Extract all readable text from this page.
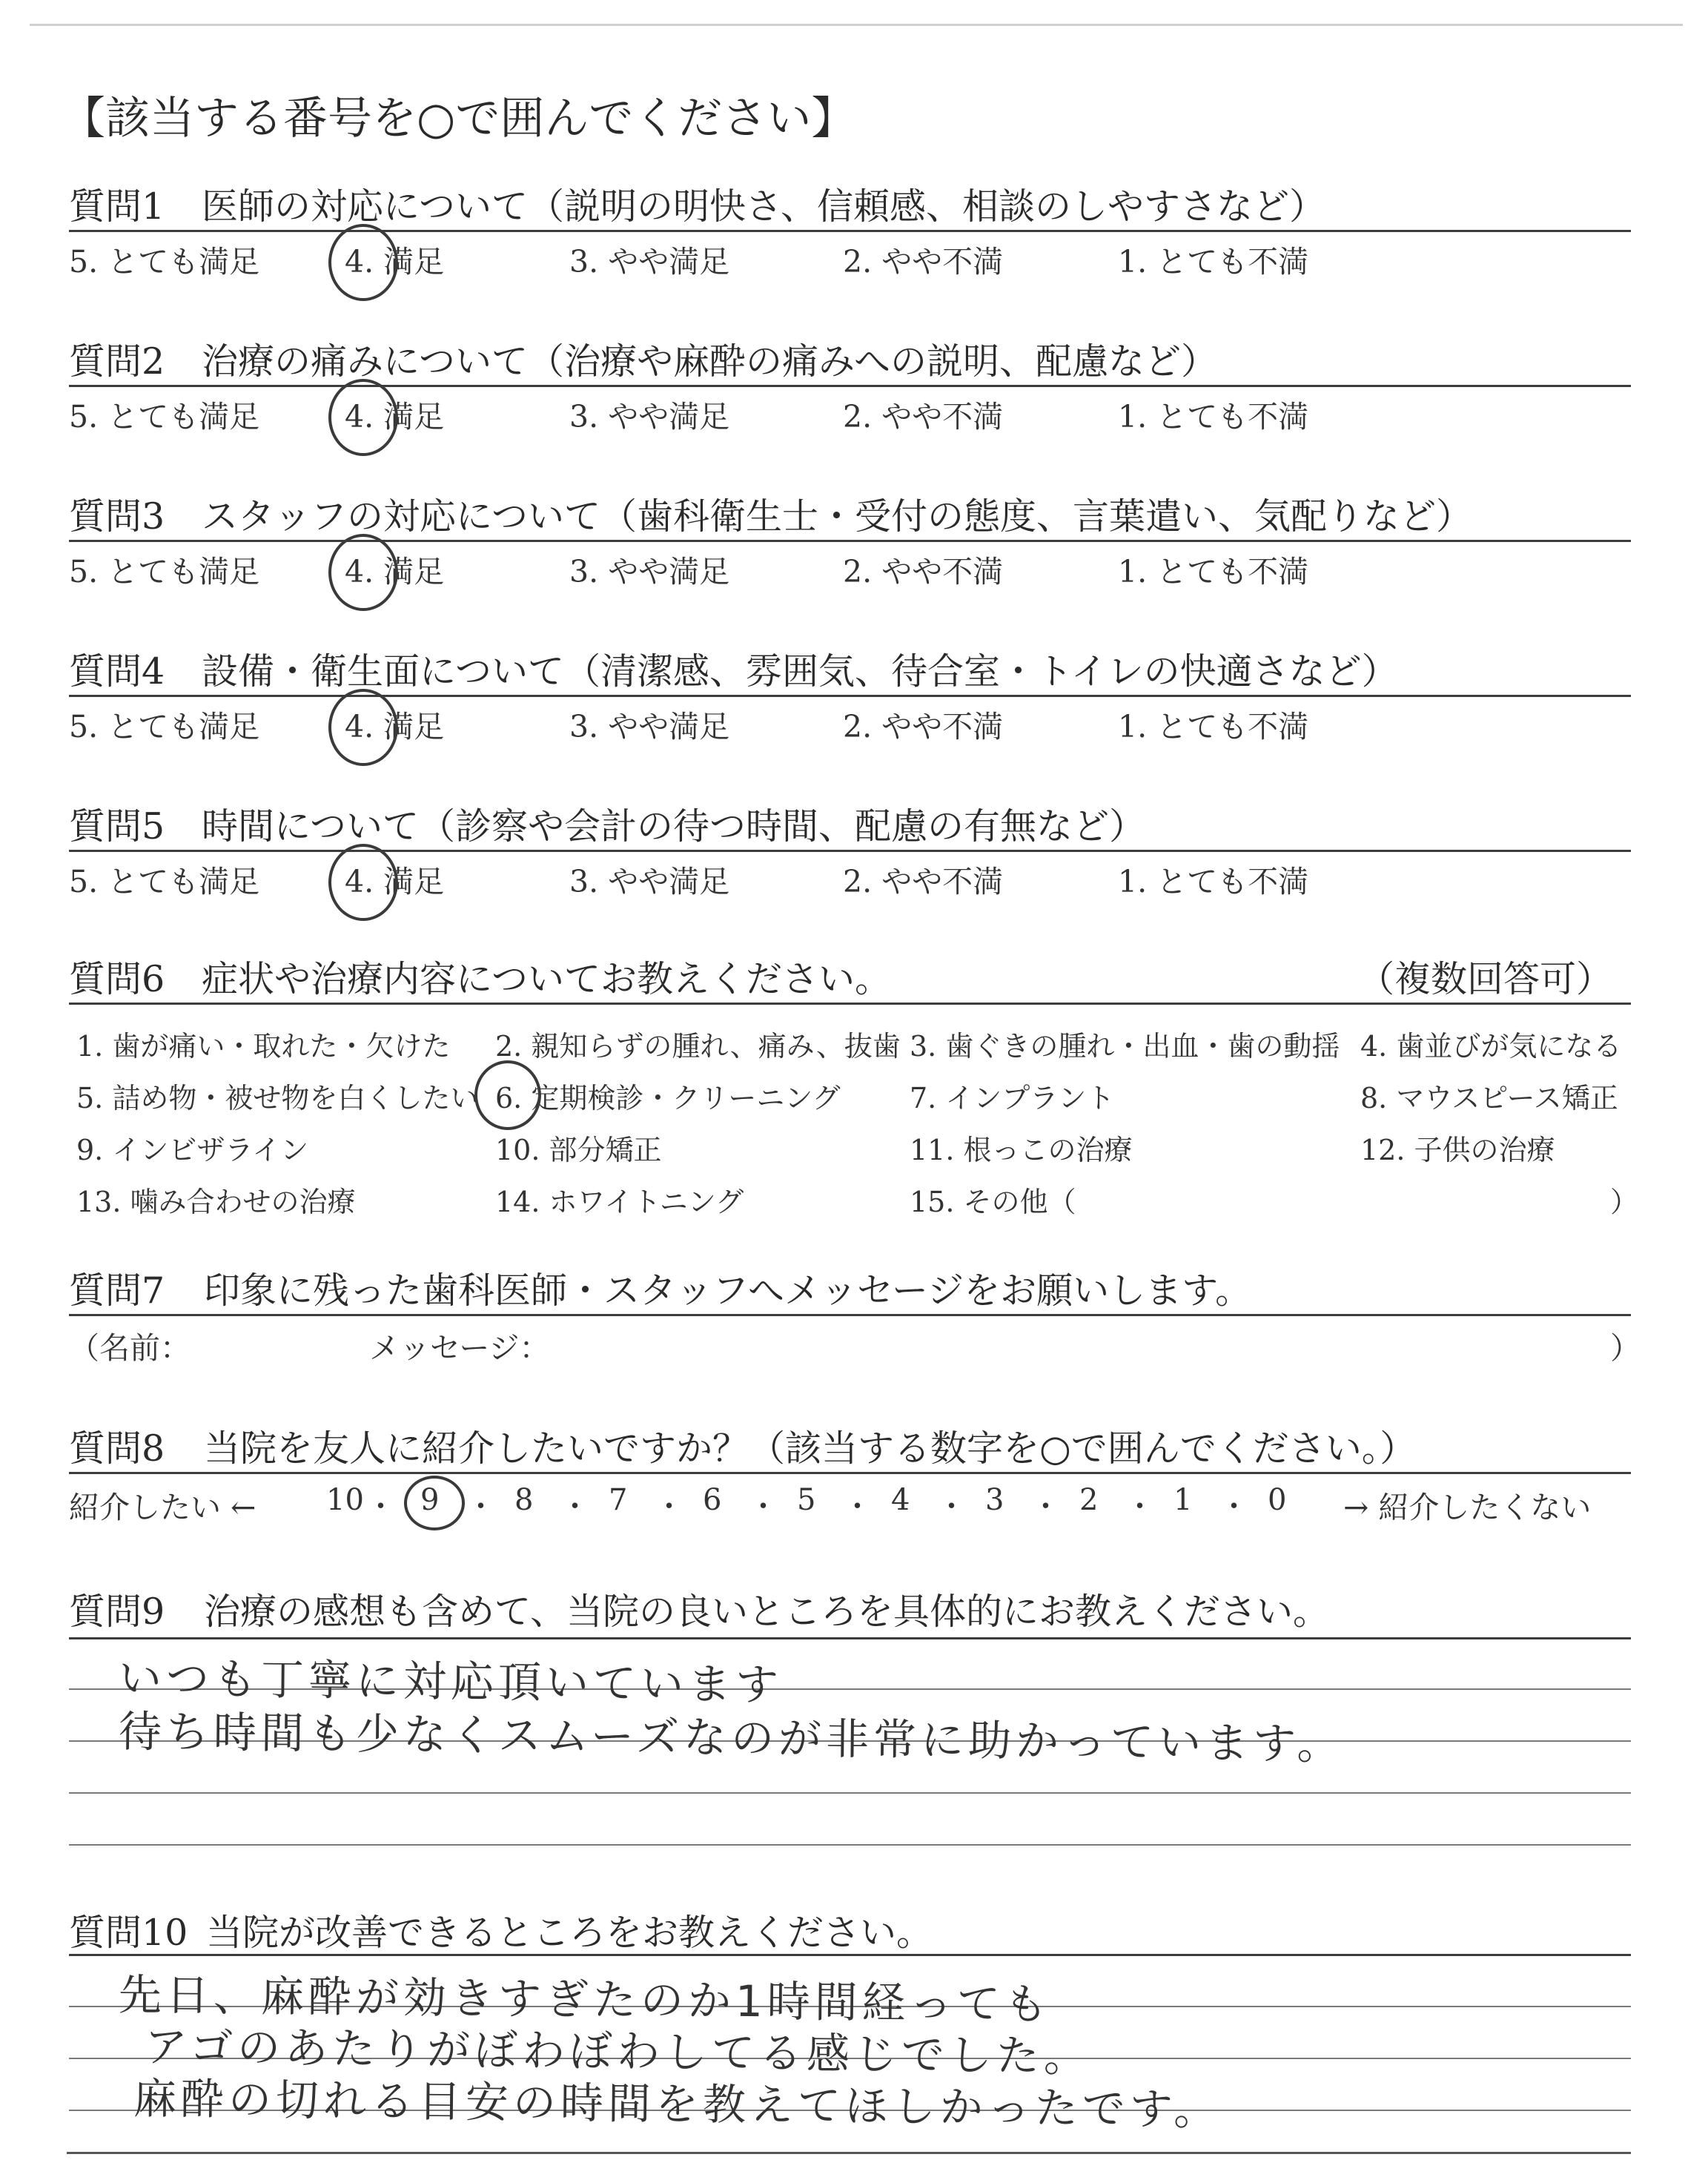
【該当する番号を○で囲んでください】
質問1 医師の対応について（説明の明快さ、信頼感、相談のしやすさなど）
5. とても満足	4. 満足	3. やや満足	2. やや不満	1. とても不満
質問2 治療の痛みについて（治療や麻酔の痛みへの説明、配慮など）
5. とても満足	4. 満足	3. やや満足	2. やや不満	1. とても不満
質問3 スタッフの対応について（歯科衛生士・受付の態度、言葉遣い、気配りなど）
5. とても満足	4. 満足	3. やや満足	2. やや不満	1. とても不満
質問4 設備・衛生面について（清潔感、雰囲気、待合室・トイレの快適さなど）
5. とても満足	4. 満足	3. やや満足	2. やや不満	1. とても不満
質問5 時間について（診察や会計の待つ時間、配慮の有無など）
5. とても満足	4. 満足	3. やや満足	2. やや不満	1. とても不満
質問6 症状や治療内容についてお教えください。	（複数回答可）
1. 歯が痛い・取れた・欠けた 2. 親知らずの腫れ、痛み、抜歯 3. 歯ぐきの腫れ・出血・歯の動揺 4. 歯並びが気になる
5. 詰め物・被せ物を白くしたい 6. 定期検診・クリーニング 7. インプラント	8. マウスピース矯正
9. インビザライン	10. 部分矯正	11. 根っこの治療	12. 子供の治療
13. 噛み合わせの治療	14. ホワイトニング	15. その他（	）
質問7 印象に残った歯科医師・スタッフへメッセージをお願いします。
（名前：	メッセージ：	）
質問8 当院を友人に紹介したいですか？（該当する数字を○で囲んでください。）
紹介したい ← 10 ・ 9 ・ 8 ・ 7 ・ 6 ・ 5 ・ 4 ・ 3 ・ 2 ・ 1 ・ 0 → 紹介したくない
質問9 治療の感想も含めて、当院の良いところを具体的にお教えください。
いつも丁寧に対応頂いています
待ち時間も少なくスムーズなのが非常に助かっています。
質問10 当院が改善できるところをお教えください。
先日、麻酔が効きすぎたのか1時間経っても
アゴのあたりがぼわぼわしてる感じでした。
麻酔の切れる目安の時間を教えてほしかったです。
